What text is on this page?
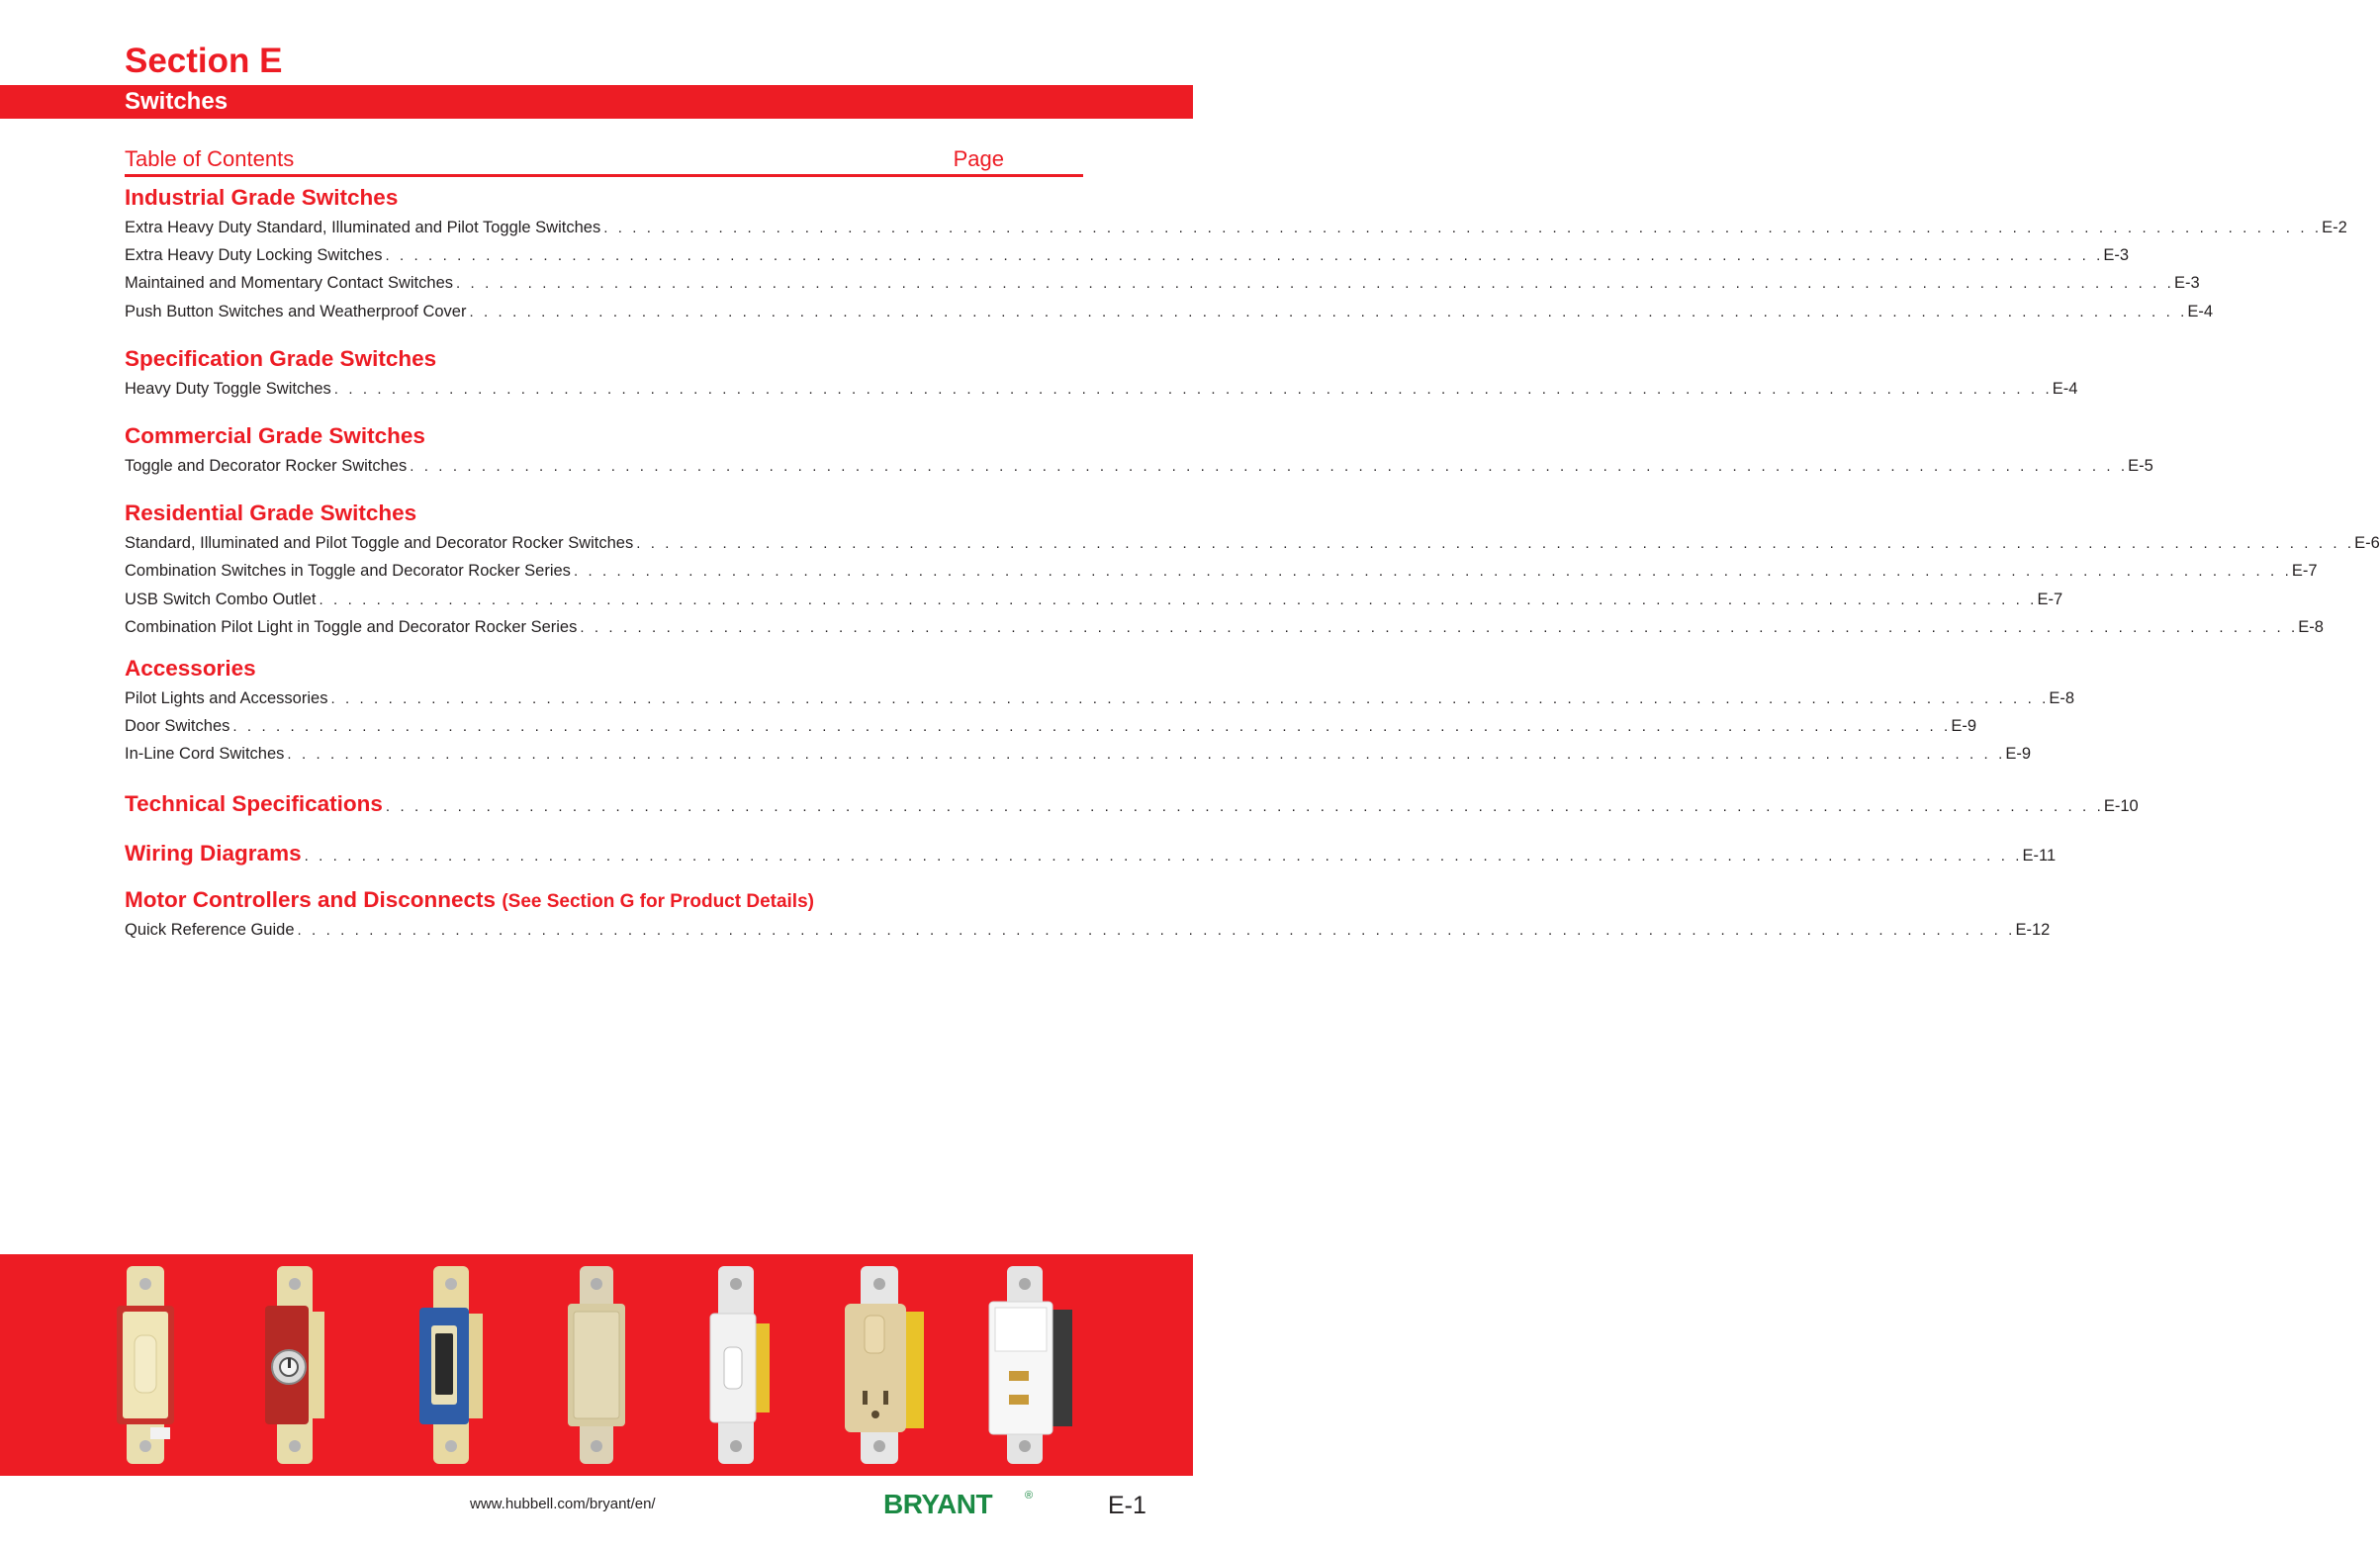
Section E
Switches
Table of Contents	Page
Industrial Grade Switches
Extra Heavy Duty Standard, Illuminated and Pilot Toggle Switches . . . . . . . . . . . . . . . . . . . . . . . . . . . . . . . . . . . . . . . . . . . . . . . . . . . . . . . . . . . . . . . . . . . . . . . . . . . . . . . . . . . . . . . . . . . . . . . . . . . . . . . . . . . . . . . . . . . . . . . . E-2
Extra Heavy Duty Locking Switches . . . . . . . . . . . . . . . . . . . . . . . . . . . . . . . . . . . . . . . . . . . . . . . . . . . . . . . . . . . . . . . . . . . . . . . . . . . . . . . . . . . . . . . . . . . . . . . . . . . . . . . . . . . . . . . . . . . . . . . . E-3
Maintained and Momentary Contact Switches . . . . . . . . . . . . . . . . . . . . . . . . . . . . . . . . . . . . . . . . . . . . . . . . . . . . . . . . . . . . . . . . . . . . . . . . . . . . . . . . . . . . . . . . . . . . . . . . . . . . . . . . . . . . . . . . . . . . . . . . E-3
Push Button Switches and Weatherproof Cover . . . . . . . . . . . . . . . . . . . . . . . . . . . . . . . . . . . . . . . . . . . . . . . . . . . . . . . . . . . . . . . . . . . . . . . . . . . . . . . . . . . . . . . . . . . . . . . . . . . . . . . . . . . . . . . . . . . . . . . . E-4
Specification Grade Switches
Heavy Duty Toggle Switches . . . . . . . . . . . . . . . . . . . . . . . . . . . . . . . . . . . . . . . . . . . . . . . . . . . . . . . . . . . . . . . . . . . . . . . . . . . . . . . . . . . . . . . . . . . . . . . . . . . . . . . . . . . . . . . . . . . . . . . . E-4
Commercial Grade Switches
Toggle and Decorator Rocker Switches . . . . . . . . . . . . . . . . . . . . . . . . . . . . . . . . . . . . . . . . . . . . . . . . . . . . . . . . . . . . . . . . . . . . . . . . . . . . . . . . . . . . . . . . . . . . . . . . . . . . . . . . . . . . . . . . . . . . . . . . E-5
Residential Grade Switches
Standard, Illuminated and Pilot Toggle and Decorator Rocker Switches . . . . . . . . . . . . . . . . . . . . . . . . . . . . . . . . . . . . . . . . . . . . . . . . . . . . . . . . . . . . . . . . . . . . . . . . . . . . . . . . . . . . . . . . . . . . . . . . . . . . . . . . . . . . . . . . . . . . . . . . E-6
Combination Switches in Toggle and Decorator Rocker Series . . . . . . . . . . . . . . . . . . . . . . . . . . . . . . . . . . . . . . . . . . . . . . . . . . . . . . . . . . . . . . . . . . . . . . . . . . . . . . . . . . . . . . . . . . . . . . . . . . . . . . . . . . . . . . . . . . . . . . . . E-7
USB Switch Combo Outlet . . . . . . . . . . . . . . . . . . . . . . . . . . . . . . . . . . . . . . . . . . . . . . . . . . . . . . . . . . . . . . . . . . . . . . . . . . . . . . . . . . . . . . . . . . . . . . . . . . . . . . . . . . . . . . . . . . . . . . . . E-7
Combination Pilot Light in Toggle and Decorator Rocker Series . . . . . . . . . . . . . . . . . . . . . . . . . . . . . . . . . . . . . . . . . . . . . . . . . . . . . . . . . . . . . . . . . . . . . . . . . . . . . . . . . . . . . . . . . . . . . . . . . . . . . . . . . . . . . . . . . . . . . . . . E-8
Accessories
Pilot Lights and Accessories . . . . . . . . . . . . . . . . . . . . . . . . . . . . . . . . . . . . . . . . . . . . . . . . . . . . . . . . . . . . . . . . . . . . . . . . . . . . . . . . . . . . . . . . . . . . . . . . . . . . . . . . . . . . . . . . . . . . . . . . E-8
Door Switches . . . . . . . . . . . . . . . . . . . . . . . . . . . . . . . . . . . . . . . . . . . . . . . . . . . . . . . . . . . . . . . . . . . . . . . . . . . . . . . . . . . . . . . . . . . . . . . . . . . . . . . . . . . . . . . . . . . . . . . . E-9
In-Line Cord Switches . . . . . . . . . . . . . . . . . . . . . . . . . . . . . . . . . . . . . . . . . . . . . . . . . . . . . . . . . . . . . . . . . . . . . . . . . . . . . . . . . . . . . . . . . . . . . . . . . . . . . . . . . . . . . . . . . . . . . . . . E-9
Technical Specifications . . . . . . . . . . . . . . . . . . . . . . . . . . . . . . . . . . . . . . . . . . . . . . . . . . . . . . . . . . . . . . . . . . . . . . . . . . . . . . . . . . . . . . . . . . . . . . . . . . . . . . . . . . . . . . . . . . . . . . . . E-10
Wiring Diagrams . . . . . . . . . . . . . . . . . . . . . . . . . . . . . . . . . . . . . . . . . . . . . . . . . . . . . . . . . . . . . . . . . . . . . . . . . . . . . . . . . . . . . . . . . . . . . . . . . . . . . . . . . . . . . . . . . . . . . . . . E-11
Motor Controllers and Disconnects (See Section G for Product Details)
Quick Reference Guide . . . . . . . . . . . . . . . . . . . . . . . . . . . . . . . . . . . . . . . . . . . . . . . . . . . . . . . . . . . . . . . . . . . . . . . . . . . . . . . . . . . . . . . . . . . . . . . . . . . . . . . . . . . . . . . . . . . . . . . . E-12
www.hubbell.com/bryant/en/	BRYANT	®	E-1
